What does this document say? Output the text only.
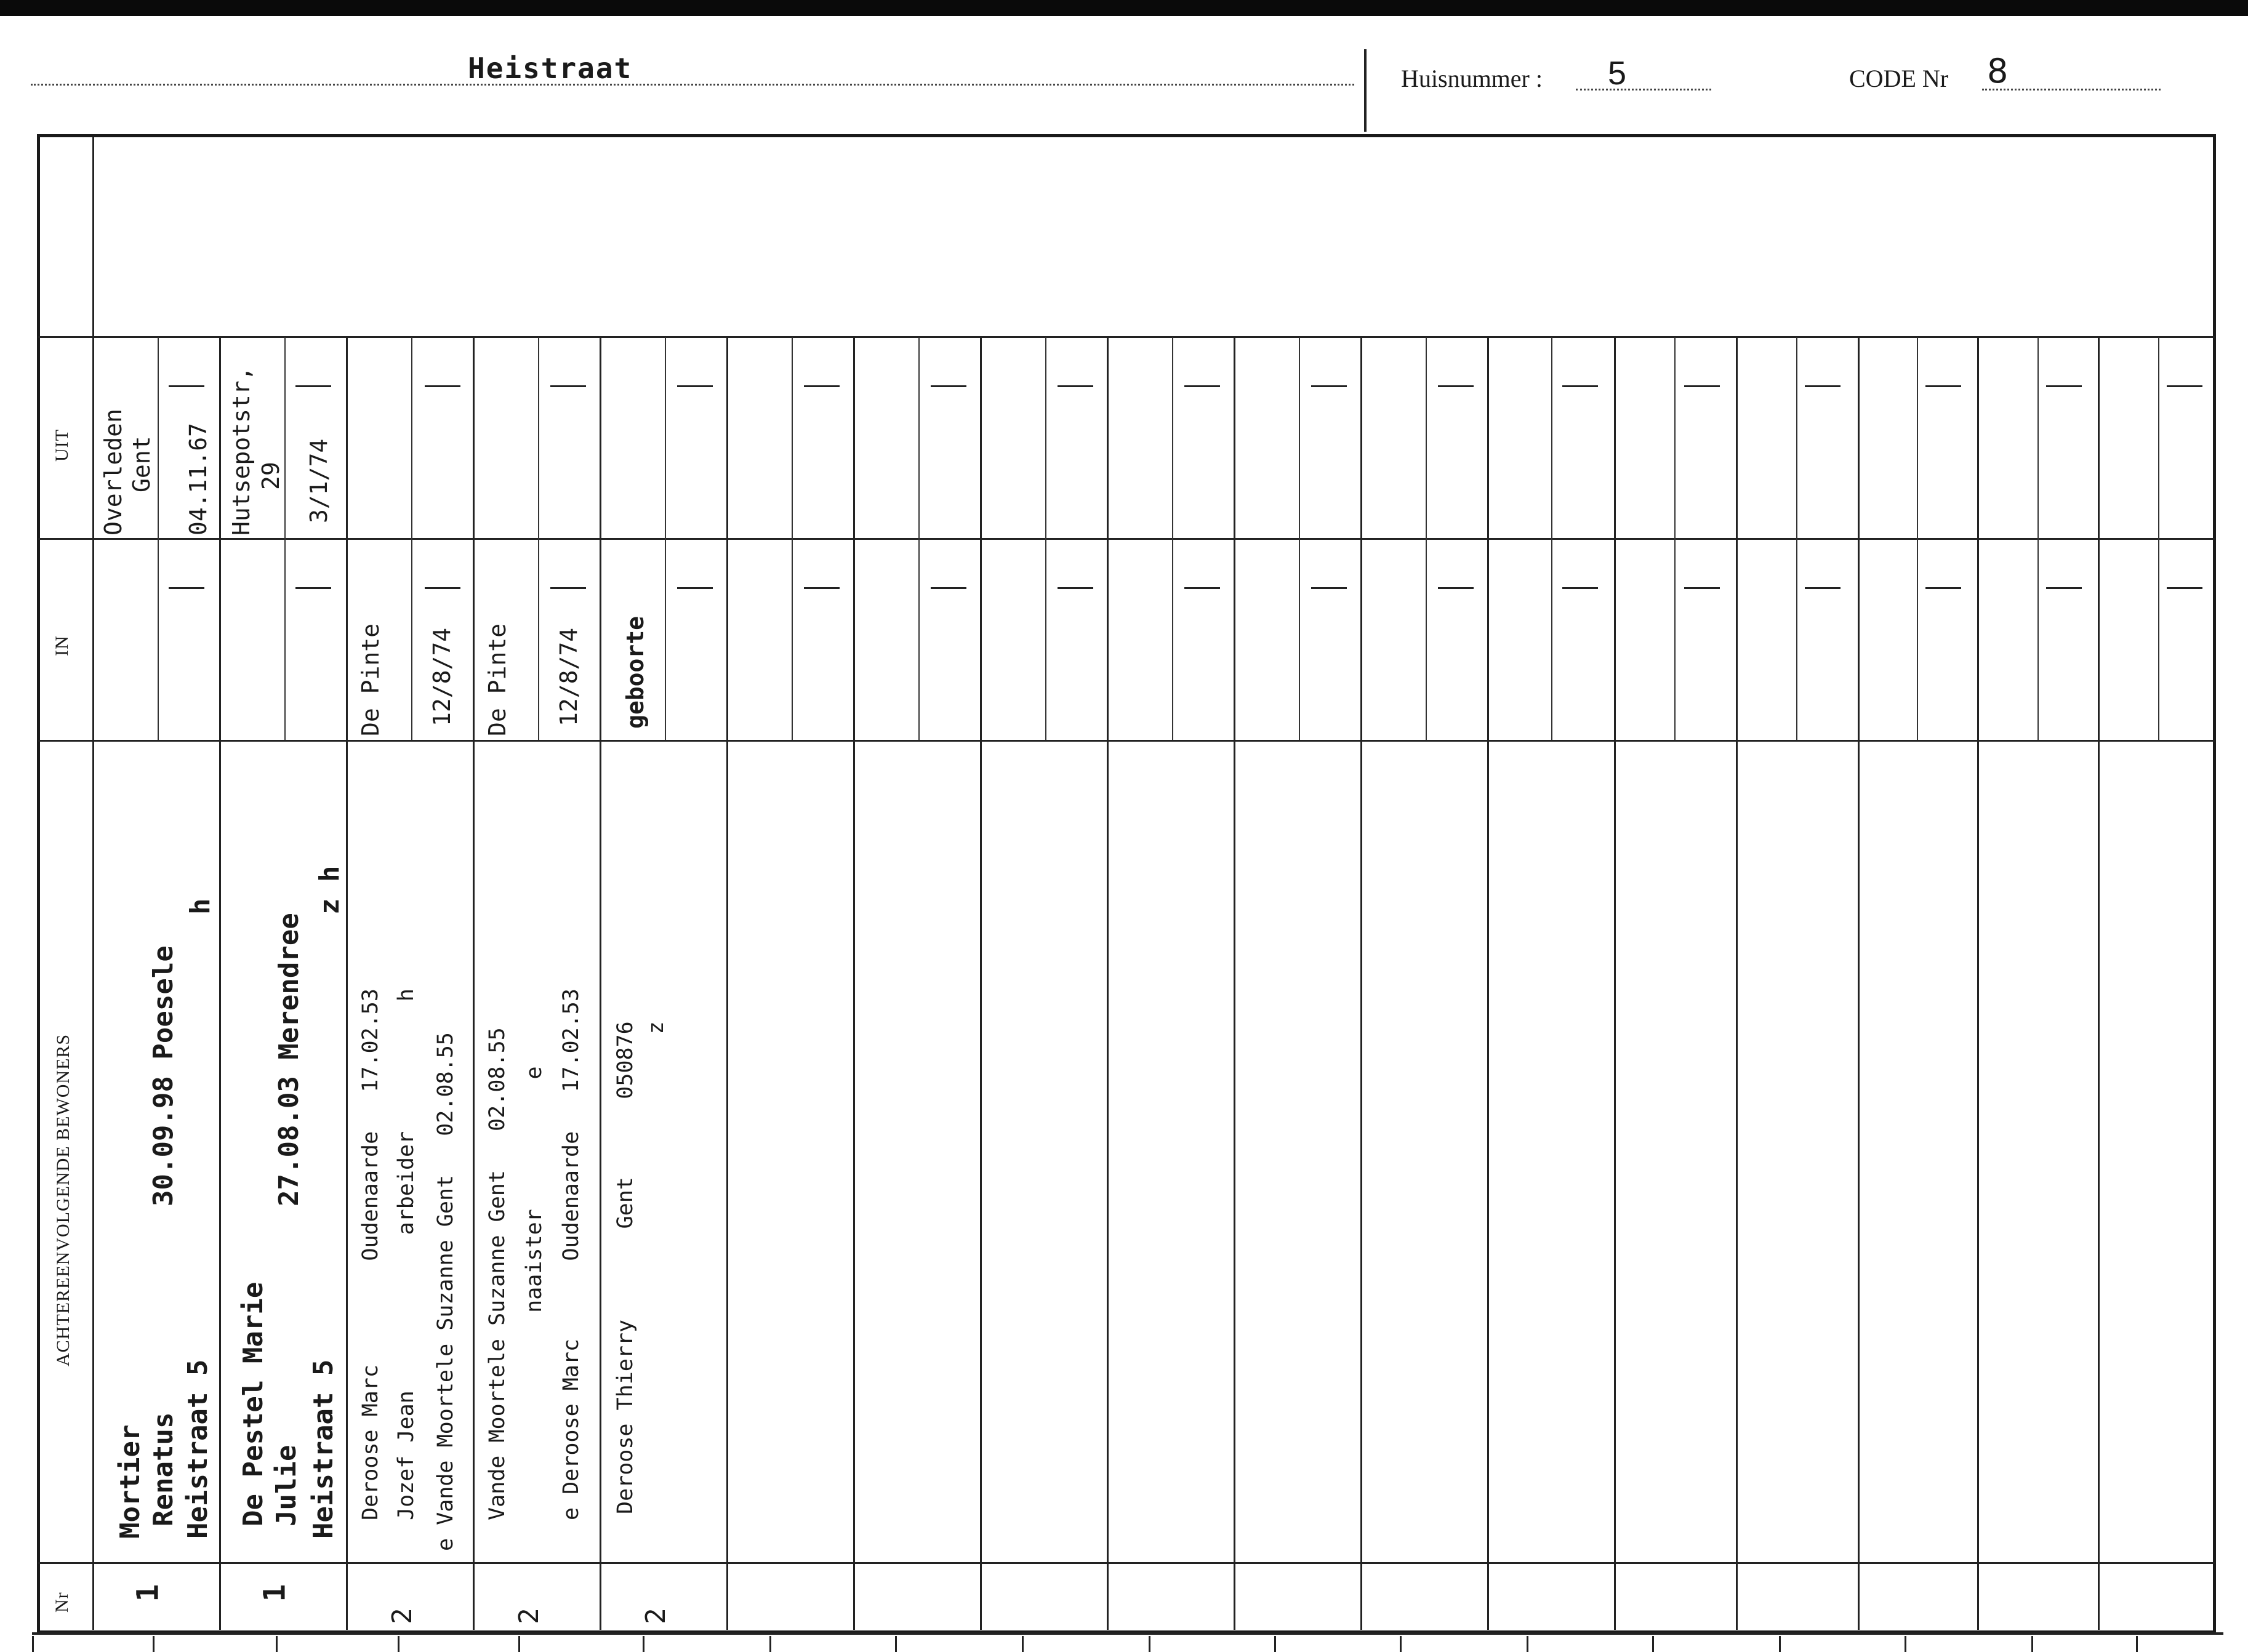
Heistraat	Huisnummer : 5	CODE Nr 8
UIT
IN
ACHTEREENVOLGENDE BEWONERS
Nr
Overleden Gent 04.11.67
Mortier Renatus Heistraat 5
30.09.98 Poesele
h
1
Hutsepotstr, 29 3/1/74
De Pestel Marie Julie Heistraat 5
27.08.03 Merendree
z h
1
De Pinte 12/8/74
Deroose Marc        Oudenaarde   17.02.53 Jozef Jean            arbeider          h e Vande Moortele Suzanne Gent   02.08.55
2
De Pinte 12/8/74
Vande Moortele Suzanne Gent   02.08.55 naaister          e e Deroose Marc      Oudenaarde   17.02.53
2
geboorte
Deroose Thierry       Gent      050876 z
2
